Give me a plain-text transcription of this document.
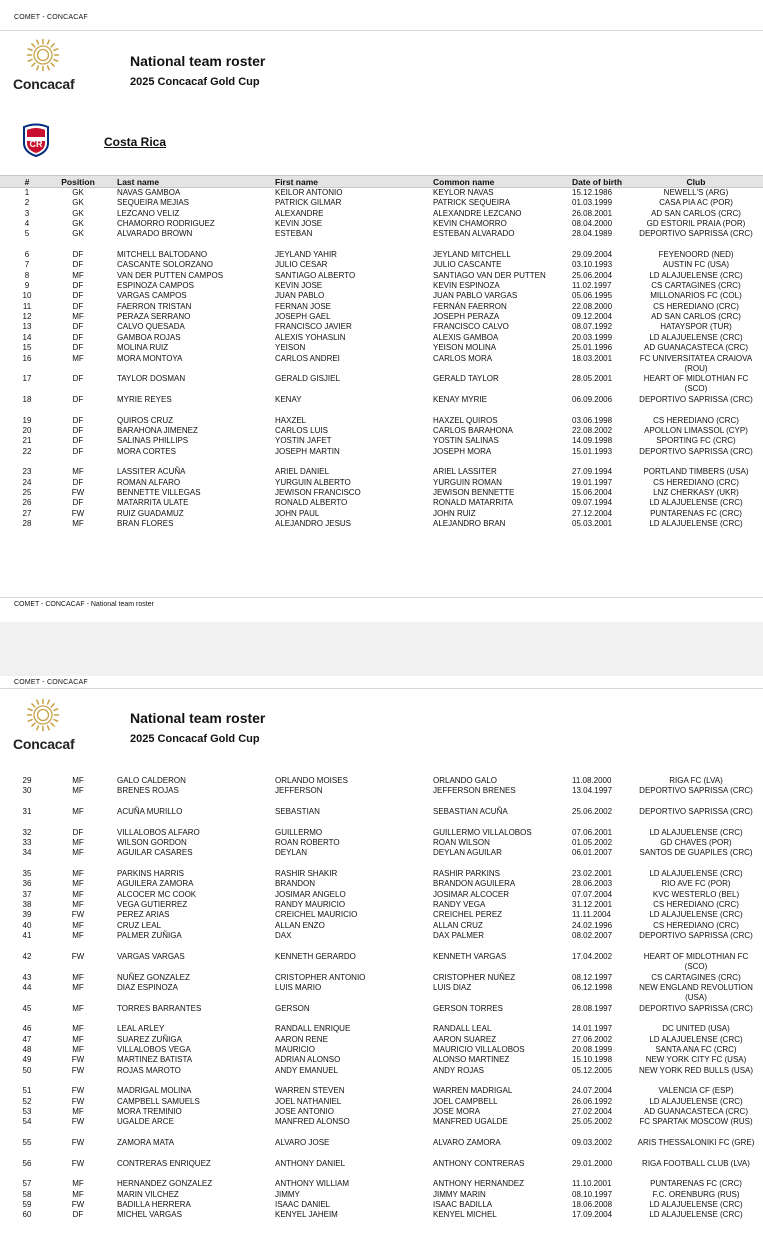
COMET - CONCACAF
Concacaf
National team roster
2025 Concacaf Gold Cup
CR	Costa Rica
#	Position	Last name	First name	Common name	Date of birth	Club
1	GK	NAVAS GAMBOA	KEILOR ANTONIO	KEYLOR NAVAS	15.12.1986	NEWELL'S (ARG)
2	GK	SEQUEIRA MEJIAS	PATRICK GILMAR	PATRICK SEQUEIRA	01.03.1999	CASA PIA AC (POR)
3	GK	LEZCANO VELIZ	ALEXANDRE	ALEXANDRE LEZCANO	26.08.2001	AD SAN CARLOS (CRC)
4	GK	CHAMORRO RODRIGUEZ	KEVIN JOSE	KEVIN CHAMORRO	08.04.2000	GD ESTORIL PRAIA (POR)
5	GK	ALVARADO BROWN	ESTEBAN	ESTEBAN ALVARADO	28.04.1989	DEPORTIVO SAPRISSA (CRC)
6	DF	MITCHELL BALTODANO	JEYLAND YAHIR	JEYLAND MITCHELL	29.09.2004	FEYENOORD (NED)
7	DF	CASCANTE SOLORZANO	JULIO CESAR	JULIO CASCANTE	03.10.1993	AUSTIN FC (USA)
8	MF	VAN DER PUTTEN CAMPOS	SANTIAGO ALBERTO	SANTIAGO VAN DER PUTTEN	25.06.2004	LD ALAJUELENSE (CRC)
9	DF	ESPINOZA CAMPOS	KEVIN JOSE	KEVIN ESPINOZA	11.02.1997	CS CARTAGINES (CRC)
10	DF	VARGAS CAMPOS	JUAN PABLO	JUAN PABLO VARGAS	05.06.1995	MILLONARIOS FC (COL)
11	DF	FAERRON TRISTAN	FERNAN JOSE	FERNÁN FAERRON	22.08.2000	CS HEREDIANO (CRC)
12	MF	PERAZA SERRANO	JOSEPH GAEL	JOSEPH PERAZA	09.12.2004	AD SAN CARLOS (CRC)
13	DF	CALVO QUESADA	FRANCISCO JAVIER	FRANCISCO CALVO	08.07.1992	HATAYSPOR (TUR)
14	DF	GAMBOA ROJAS	ALEXIS YOHASLIN	ALEXIS GAMBOA	20.03.1999	LD ALAJUELENSE (CRC)
15	DF	MOLINA RUIZ	YEISON	YEISON MOLINA	25.01.1996	AD GUANACASTECA (CRC)
16	MF	MORA MONTOYA	CARLOS ANDREI	CARLOS MORA	18.03.2001	FC UNIVERSITATEA CRAIOVA (ROU)
17	DF	TAYLOR DOSMAN	GERALD GISJIEL	GERALD TAYLOR	28.05.2001	HEART OF MIDLOTHIAN FC (SCO)
18	DF	MYRIE REYES	KENAY	KENAY MYRIE	06.09.2006	DEPORTIVO SAPRISSA (CRC)
19	DF	QUIROS CRUZ	HAXZEL	HAXZEL QUIROS	03.06.1998	CS HEREDIANO (CRC)
20	DF	BARAHONA JIMENEZ	CARLOS LUIS	CARLOS BARAHONA	22.08.2002	APOLLON LIMASSOL (CYP)
21	DF	SALINAS PHILLIPS	YOSTIN JAFET	YOSTIN SALINAS	14.09.1998	SPORTING FC (CRC)
22	DF	MORA CORTES	JOSEPH MARTIN	JOSEPH MORA	15.01.1993	DEPORTIVO SAPRISSA (CRC)
23	MF	LASSITER ACUÑA	ARIEL DANIEL	ARIEL LASSITER	27.09.1994	PORTLAND TIMBERS (USA)
24	DF	ROMAN ALFARO	YURGUIN ALBERTO	YURGUIN ROMAN	19.01.1997	CS HEREDIANO (CRC)
25	FW	BENNETTE VILLEGAS	JEWISON FRANCISCO	JEWISON BENNETTE	15.06.2004	LNZ CHERKASY (UKR)
26	DF	MATARRITA ULATE	RONALD ALBERTO	RONALD MATARRITA	09.07.1994	LD ALAJUELENSE (CRC)
27	FW	RUIZ GUADAMUZ	JOHN PAUL	JOHN RUIZ	27.12.2004	PUNTARENAS FC (CRC)
28	MF	BRAN FLORES	ALEJANDRO JESUS	ALEJANDRO BRAN	05.03.2001	LD ALAJUELENSE (CRC)
COMET - CONCACAF - National team roster
COMET - CONCACAF
Concacaf
National team roster
2025 Concacaf Gold Cup
29	MF	GALO CALDERON	ORLANDO MOISES	ORLANDO GALO	11.08.2000	RIGA FC (LVA)
30	MF	BRENES ROJAS	JEFFERSON	JEFFERSON BRENES	13.04.1997	DEPORTIVO SAPRISSA (CRC)
31	MF	ACUÑA MURILLO	SEBASTIAN	SEBASTIAN ACUÑA	25.06.2002	DEPORTIVO SAPRISSA (CRC)
32	DF	VILLALOBOS ALFARO	GUILLERMO	GUILLERMO VILLALOBOS	07.06.2001	LD ALAJUELENSE (CRC)
33	MF	WILSON GORDON	ROAN ROBERTO	ROAN WILSON	01.05.2002	GD CHAVES (POR)
34	MF	AGUILAR CASARES	DEYLAN	DEYLAN AGUILAR	06.01.2007	SANTOS DE GUAPILES (CRC)
35	MF	PARKINS HARRIS	RASHIR SHAKIR	RASHIR PARKINS	23.02.2001	LD ALAJUELENSE (CRC)
36	MF	AGUILERA ZAMORA	BRANDON	BRANDON AGUILERA	28.06.2003	RIO AVE FC (POR)
37	MF	ALCOCER MC COOK	JOSIMAR ANGELO	JOSIMAR ALCOCER	07.07.2004	KVC WESTERLO (BEL)
38	MF	VEGA GUTIERREZ	RANDY MAURICIO	RANDY VEGA	31.12.2001	CS HEREDIANO (CRC)
39	FW	PEREZ ARIAS	CREICHEL MAURICIO	CREICHEL PEREZ	11.11.2004	LD ALAJUELENSE (CRC)
40	MF	CRUZ LEAL	ALLAN ENZO	ALLAN CRUZ	24.02.1996	CS HEREDIANO (CRC)
41	MF	PALMER ZUÑIGA	DAX	DAX PALMER	08.02.2007	DEPORTIVO SAPRISSA (CRC)
42	FW	VARGAS VARGAS	KENNETH GERARDO	KENNETH VARGAS	17.04.2002	HEART OF MIDLOTHIAN FC (SCO)
43	MF	NUÑEZ GONZALEZ	CRISTOPHER ANTONIO	CRISTOPHER NUÑEZ	08.12.1997	CS CARTAGINES (CRC)
44	MF	DIAZ ESPINOZA	LUIS MARIO	LUIS DIAZ	06.12.1998	NEW ENGLAND REVOLUTION (USA)
45	MF	TORRES BARRANTES	GERSON	GERSON TORRES	28.08.1997	DEPORTIVO SAPRISSA (CRC)
46	MF	LEAL ARLEY	RANDALL ENRIQUE	RANDALL LEAL	14.01.1997	DC UNITED (USA)
47	MF	SUAREZ ZUÑIGA	AARON RENE	AARON SUAREZ	27.06.2002	LD ALAJUELENSE (CRC)
48	MF	VILLALOBOS VEGA	MAURICIO	MAURICIO VILLALOBOS	20.08.1999	SANTA ANA FC (CRC)
49	FW	MARTINEZ BATISTA	ADRIAN ALONSO	ALONSO MARTINEZ	15.10.1998	NEW YORK CITY FC (USA)
50	FW	ROJAS MAROTO	ANDY EMANUEL	ANDY ROJAS	05.12.2005	NEW YORK RED BULLS (USA)
51	FW	MADRIGAL MOLINA	WARREN STEVEN	WARREN MADRIGAL	24.07.2004	VALENCIA CF (ESP)
52	FW	CAMPBELL SAMUELS	JOEL NATHANIEL	JOEL CAMPBELL	26.06.1992	LD ALAJUELENSE (CRC)
53	MF	MORA TREMINIO	JOSE ANTONIO	JOSE MORA	27.02.2004	AD GUANACASTECA (CRC)
54	FW	UGALDE ARCE	MANFRED ALONSO	MANFRED UGALDE	25.05.2002	FC SPARTAK MOSCOW (RUS)
55	FW	ZAMORA MATA	ALVARO JOSE	ALVARO ZAMORA	09.03.2002	ARIS THESSALONIKI FC (GRE)
56	FW	CONTRERAS ENRIQUEZ	ANTHONY DANIEL	ANTHONY CONTRERAS	29.01.2000	RIGA FOOTBALL CLUB (LVA)
57	MF	HERNANDEZ GONZALEZ	ANTHONY WILLIAM	ANTHONY HERNANDEZ	11.10.2001	PUNTARENAS FC (CRC)
58	MF	MARIN VILCHEZ	JIMMY	JIMMY MARIN	08.10.1997	F.C. ORENBURG (RUS)
59	FW	BADILLA HERRERA	ISAAC DANIEL	ISAAC BADILLA	18.06.2008	LD ALAJUELENSE (CRC)
60	DF	MICHEL VARGAS	KENYEL JAHEIM	KENYEL MICHEL	17.09.2004	LD ALAJUELENSE (CRC)
